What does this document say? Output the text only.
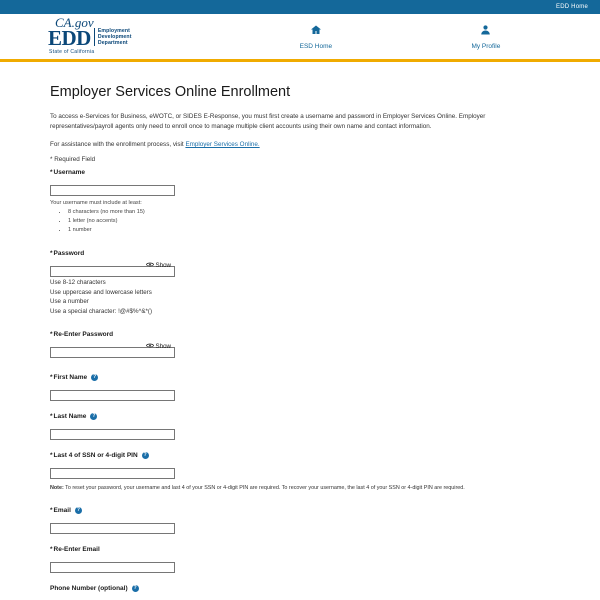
EDD Home
CA.gov
EDD Employment
Development
Department
State of California
ESD Home	My Profile
Employer Services Online Enrollment

To access e-Services for Business, eWOTC, or SIDES E-Response, you must first create a username and password in Employer Services Online. Employer representatives/payroll agents only need to enroll once to manage multiple client accounts using their own name and contact information.

For assistance with the enrollment process, visit Employer Services Online.

* Required Field
* Username
Your username must include at least:
• 8 characters (no more than 15)
• 1 letter (no accents)
• 1 number
* Password
Show
Use 8-12 characters
Use uppercase and lowercase letters
Use a number
Use a special character: !@#$%^&*()
* Re-Enter Password
Show
* First Name	?
* Last Name	?
* Last 4 of SSN or 4-digit PIN	?
Note: To reset your password, your username and last 4 of your SSN or 4-digit PIN are required. To recover your username, the last 4 of your SSN or 4-digit PIN are required.
* Email	?
* Re-Enter Email
Phone Number (optional)	?
